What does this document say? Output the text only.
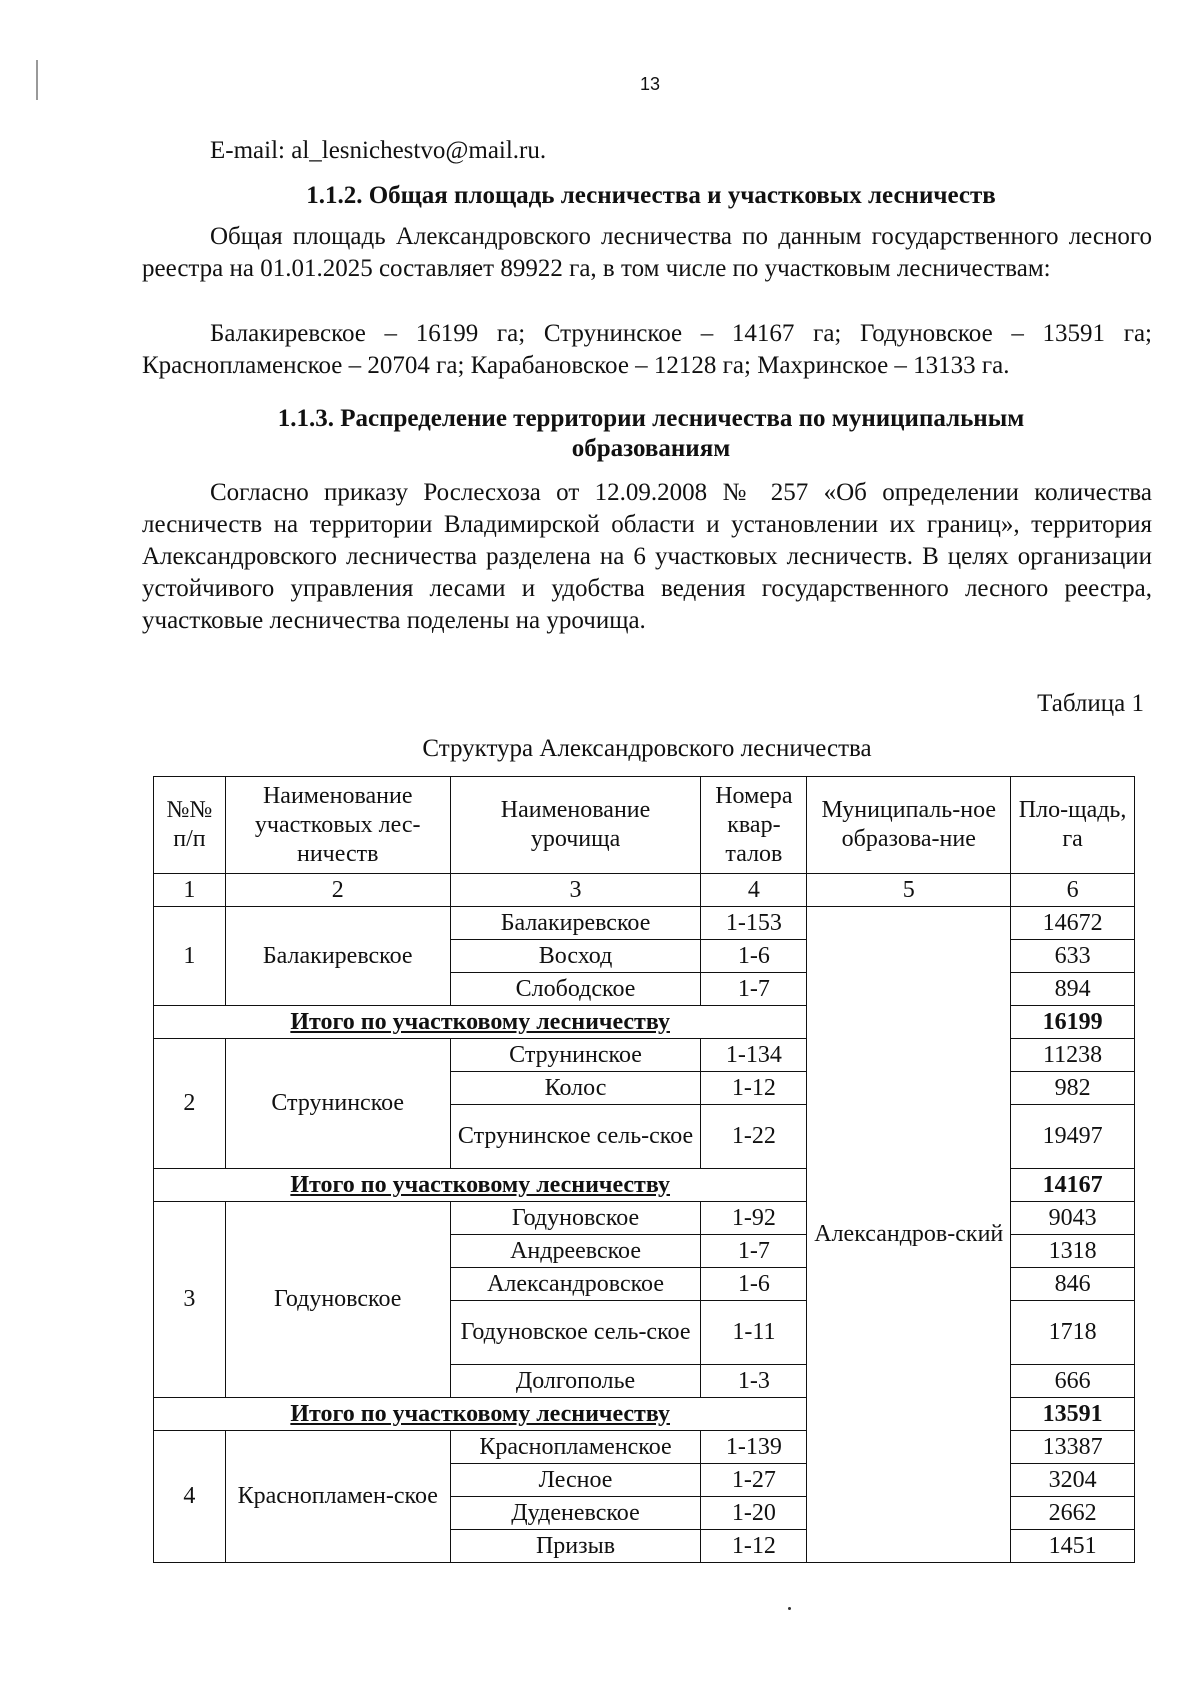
13
E-mail: al_lesnichestvo@mail.ru.
1.1.2. Общая площадь лесничества и участковых лесничеств

Общая площадь Александровского лесничества по данным государственного лесного реестра на 01.01.2025 составляет 89922 га, в том числе по участковым лесничествам:

Балакиревское – 16199 га; Струнинское – 14167 га; Годуновское – 13591 га; Краснопламенское – 20704 га; Карабановское – 12128 га; Махринское – 13133 га.

1.1.3. Распределение территории лесничества по муниципальным
образованиям

Согласно приказу Рослесхоза от 12.09.2008 № 257 «Об определении количества лесничеств на территории Владимирской области и установлении их границ», территория Александровского лесничества разделена на 6 участковых лесничеств. В целях организации устойчивого управления лесами и удобства ведения государственного лесного реестра, участковые лесничества поделены на урочища.

Таблица 1
Структура Александровского лесничества
№№ п/п	Наименование участковых лес-ничеств	Наименование урочища	Номера квар-талов	Муниципаль-ное образова-ние	Пло-щадь, га
1	2	3	4	5	6
1	Балакиревское	Балакиревское	1-153	Александров-ский	14672
		Восход	1-6		633
		Слободское	1-7		894
Итого по участковому лесничеству					16199
2	Струнинское	Струнинское	1-134		11238
		Колос	1-12		982
		Струнинское сель-ское	1-22		19497
Итого по участковому лесничеству					14167
3	Годуновское	Годуновское	1-92		9043
		Андреевское	1-7		1318
		Александровское	1-6		846
		Годуновское сель-ское	1-11		1718
		Долгополье	1-3		666
Итого по участковому лесничеству					13591
4	Краснопламен-ское	Краснопламенское	1-139		13387
		Лесное	1-27		3204
		Дуденевское	1-20		2662
		Призыв	1-12		1451
